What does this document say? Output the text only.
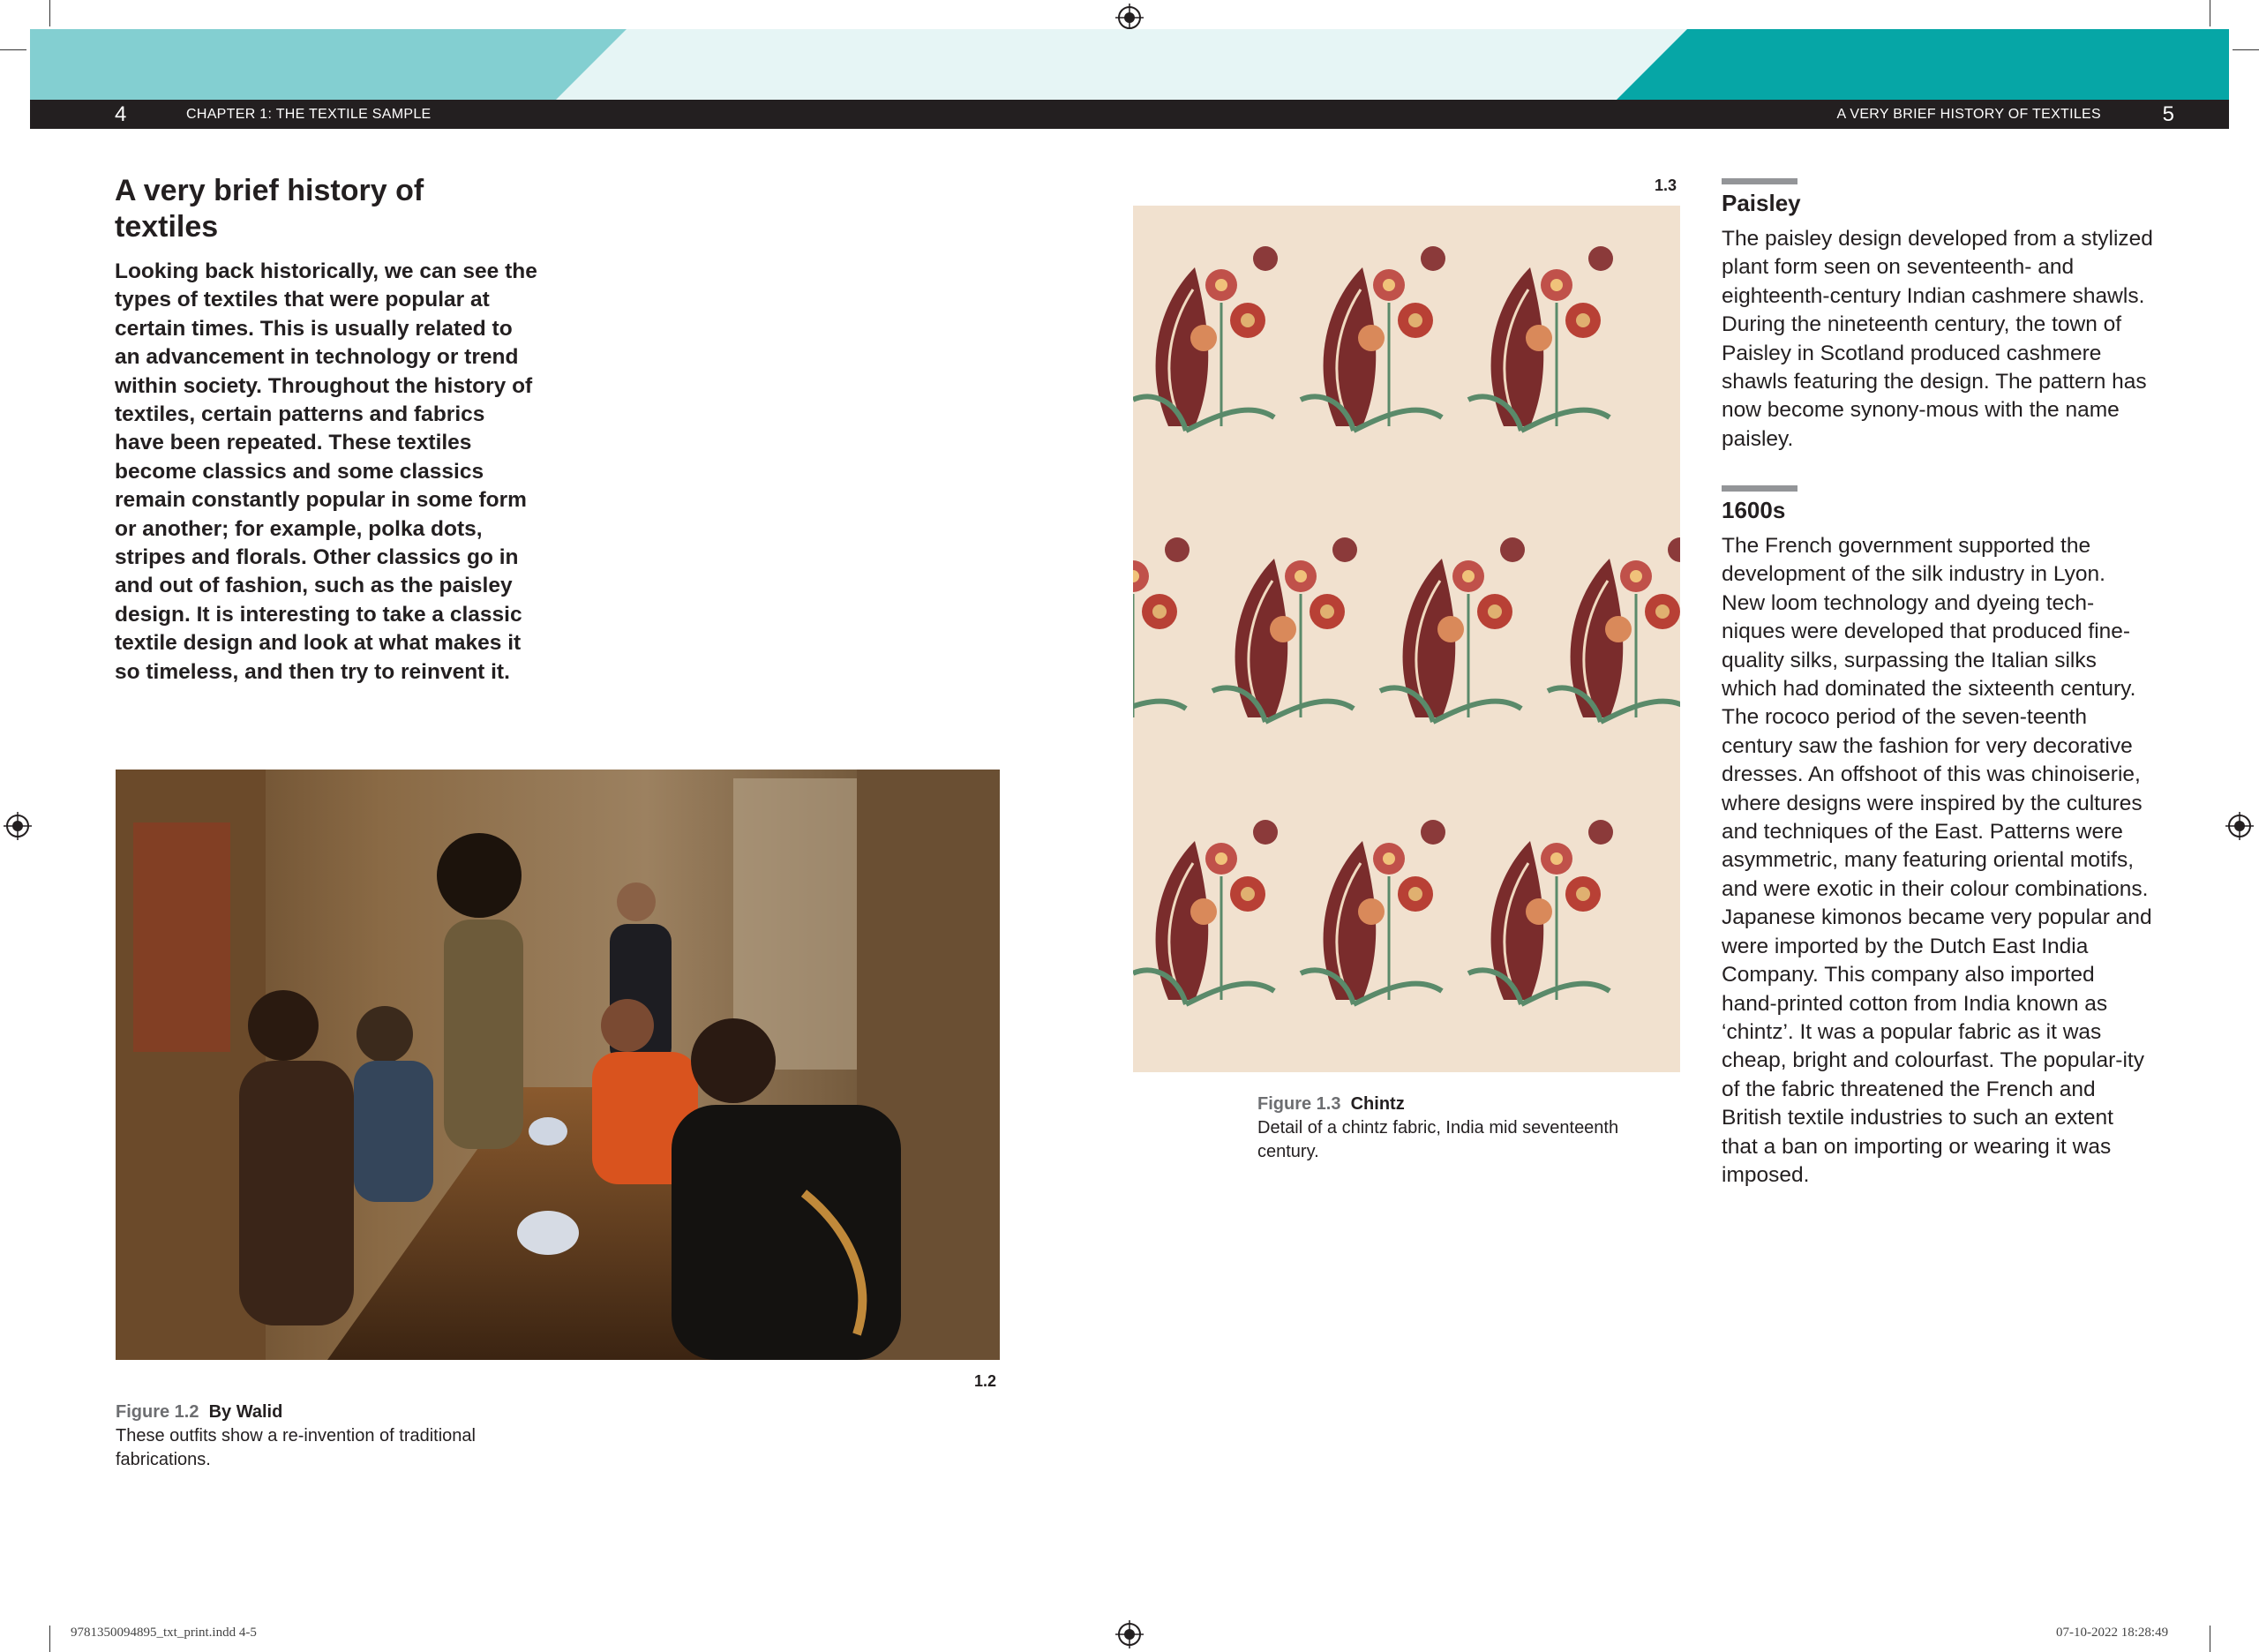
4	CHAPTER 1: THE TEXTILE SAMPLE	A VERY BRIEF HISTORY OF TEXTILES	5
A very brief history of textiles
Looking back historically, we can see the types of textiles that were popular at certain times. This is usually related to an advancement in technology or trend within society. Throughout the history of textiles, certain patterns and fabrics have been repeated. These textiles become classics and some classics remain constantly popular in some form or another; for example, polka dots, stripes and florals. Other classics go in and out of fashion, such as the paisley design. It is interesting to take a classic textile design and look at what makes it so timeless, and then try to reinvent it.
1.2
Figure 1.2 By Walid
These outfits show a re-invention of traditional fabrications.
1.3
Figure 1.3 Chintz
Detail of a chintz fabric, India mid seventeenth century.
Paisley
The paisley design developed from a stylized plant form seen on seventeenth- and eighteenth-century Indian cashmere shawls. During the nineteenth century, the town of Paisley in Scotland produced cashmere shawls featuring the design. The pattern has now become synony-mous with the name paisley.
1600s
The French government supported the development of the silk industry in Lyon. New loom technology and dyeing tech-niques were developed that produced fine-quality silks, surpassing the Italian silks which had dominated the sixteenth century. The rococo period of the seven-teenth century saw the fashion for very decorative dresses. An offshoot of this was chinoiserie, where designs were inspired by the cultures and techniques of the East. Patterns were asymmetric, many featuring oriental motifs, and were exotic in their colour combinations. Japanese kimonos became very popular and were imported by the Dutch East India Company. This company also imported hand-printed cotton from India known as ‘chintz’. It was a popular fabric as it was cheap, bright and colourfast. The popular-ity of the fabric threatened the French and British textile industries to such an extent that a ban on importing or wearing it was imposed.
9781350094895_txt_print.indd 4-5	07-10-2022 18:28:49
